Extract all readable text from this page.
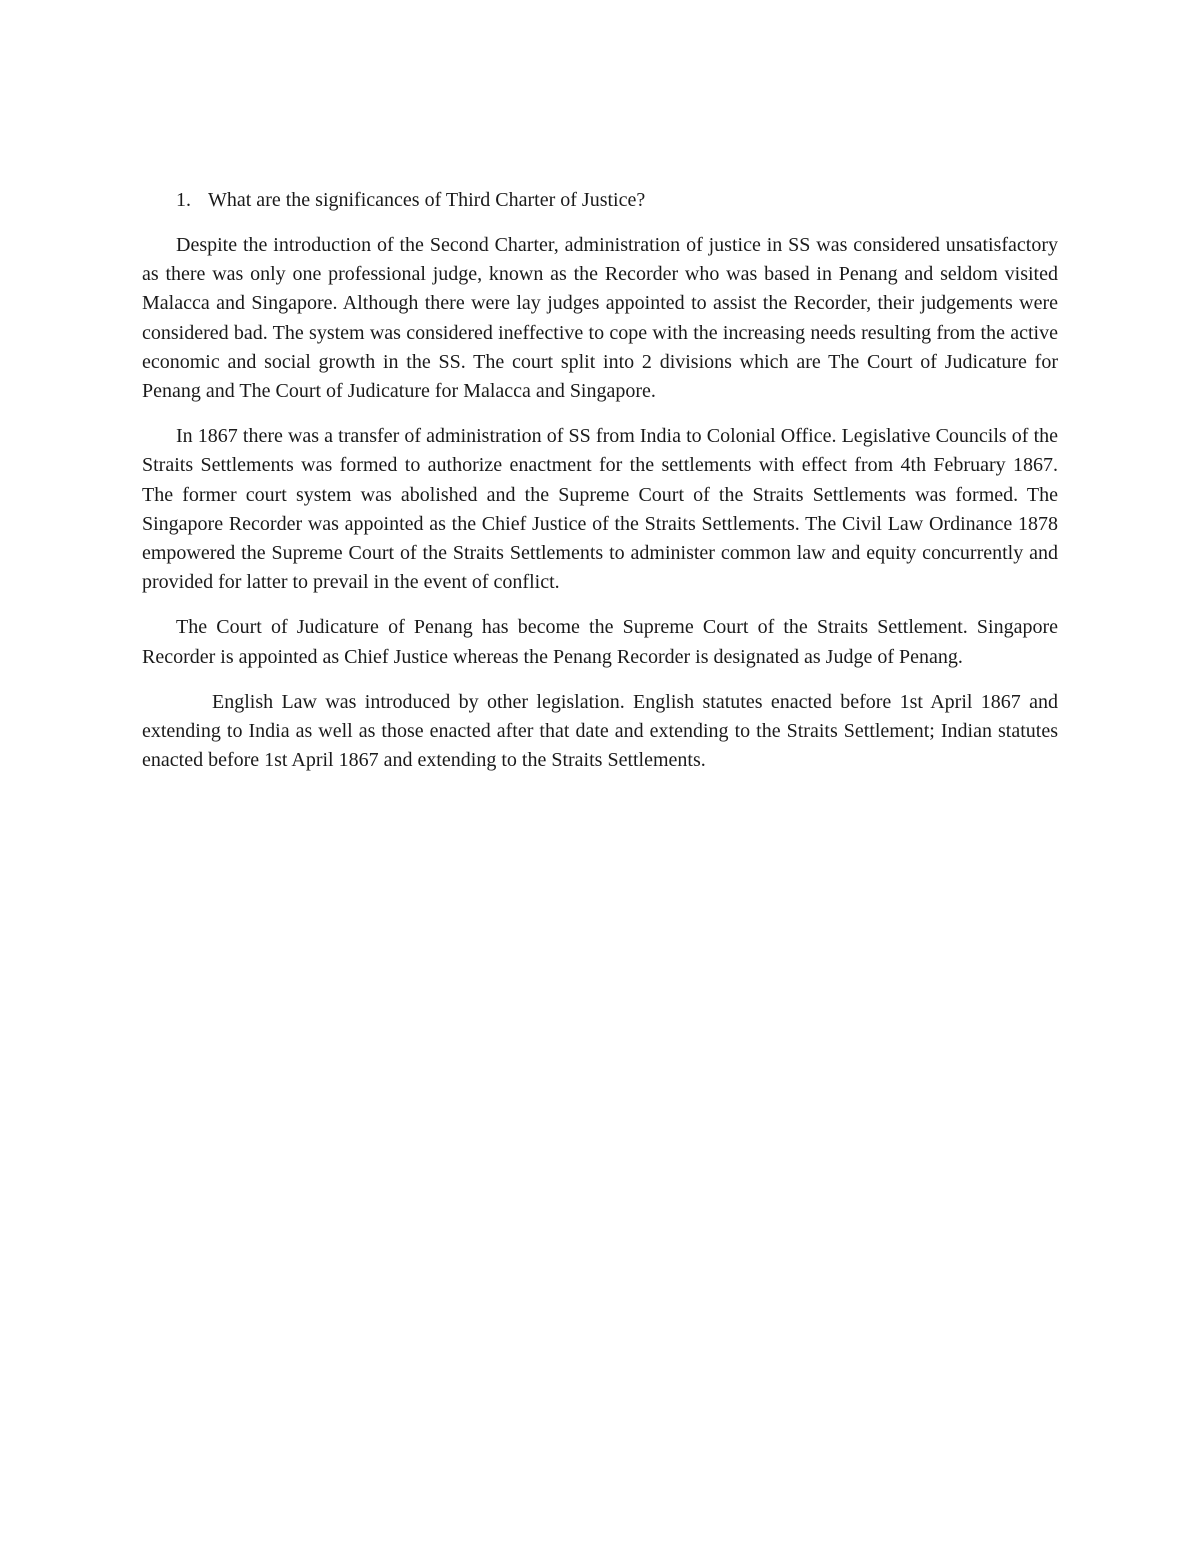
1. What are the significances of Third Charter of Justice?

Despite the introduction of the Second Charter, administration of justice in SS was considered unsatisfactory as there was only one professional judge, known as the Recorder who was based in Penang and seldom visited Malacca and Singapore. Although there were lay judges appointed to assist the Recorder, their judgements were considered bad. The system was considered ineffective to cope with the increasing needs resulting from the active economic and social growth in the SS. The court split into 2 divisions which are The Court of Judicature for Penang and The Court of Judicature for Malacca and Singapore.

In 1867 there was a transfer of administration of SS from India to Colonial Office. Legislative Councils of the Straits Settlements was formed to authorize enactment for the settlements with effect from 4th February 1867. The former court system was abolished and the Supreme Court of the Straits Settlements was formed. The Singapore Recorder was appointed as the Chief Justice of the Straits Settlements. The Civil Law Ordinance 1878 empowered the Supreme Court of the Straits Settlements to administer common law and equity concurrently and provided for latter to prevail in the event of conflict.

The Court of Judicature of Penang has become the Supreme Court of the Straits Settlement. Singapore Recorder is appointed as Chief Justice whereas the Penang Recorder is designated as Judge of Penang.

English Law was introduced by other legislation. English statutes enacted before 1st April 1867 and extending to India as well as those enacted after that date and extending to the Straits Settlement; Indian statutes enacted before 1st April 1867 and extending to the Straits Settlements.
